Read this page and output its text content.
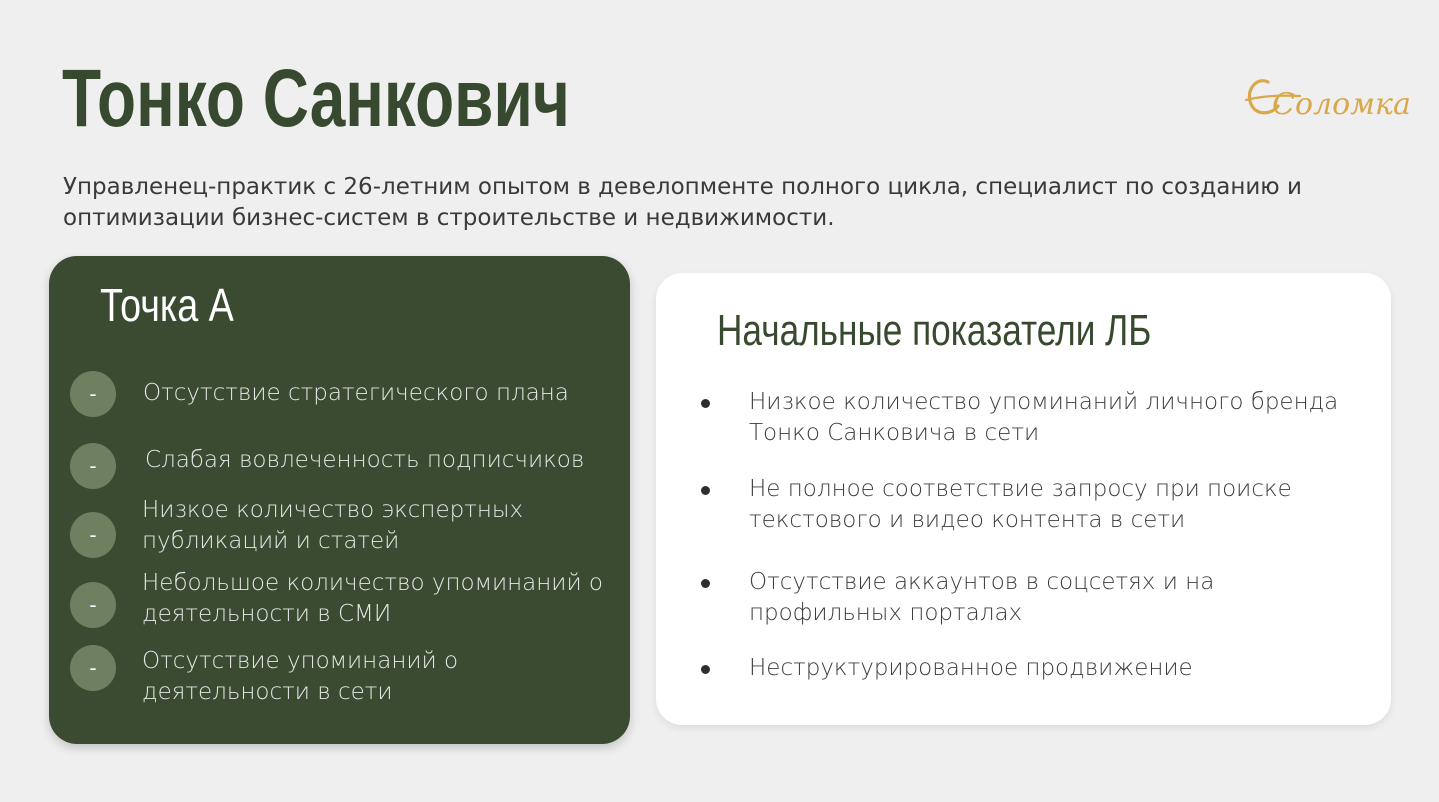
Тонко Санкович	Соломка
Управленец-практик с 26-летним опытом в девелопменте полного цикла, специалист по созданию и
оптимизации бизнес-систем в строительстве и недвижимости.
Точка А
-	Отсутствие стратегического плана
-	Слабая вовлеченность подписчиков
-
Низкое количество экспертных
публикаций и статей
-
Небольшое количество упоминаний о
деятельности в СМИ
-	Отсутствие упоминаний о
деятельности в сети
Начальные показатели ЛБ
Низкое количество упоминаний личного бренда
Тонко Санковича в сети
Не полное соответствие запросу при поиске
текстового и видео контента в сети
Отсутствие аккаунтов в соцсетях и на
профильных порталах
Неструктурированное продвижение
